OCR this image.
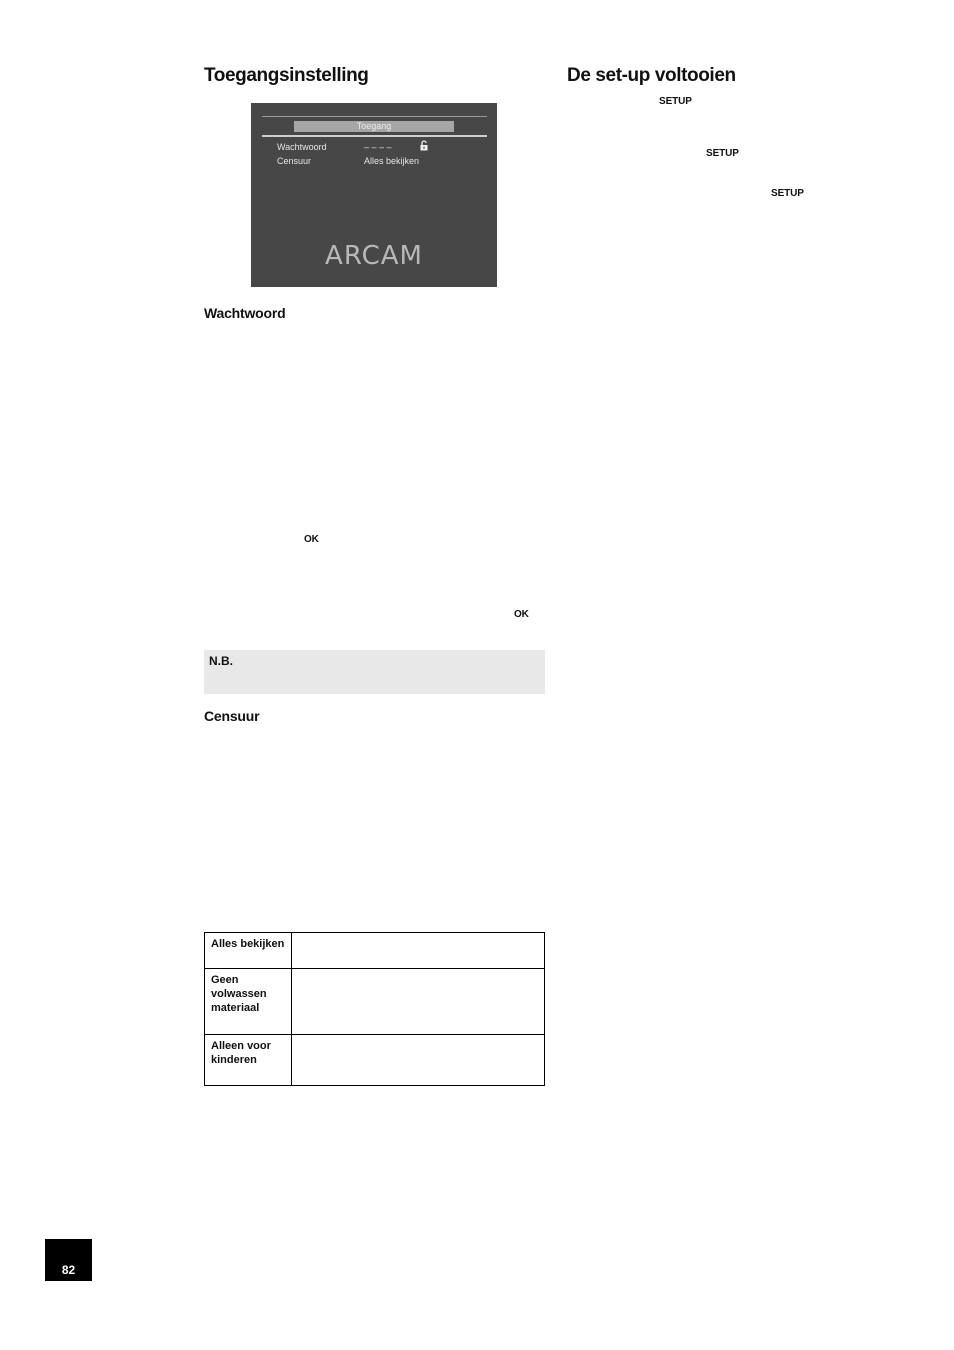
Toegangsinstelling
Toegang
Wachtwoord	– – – –
Censuur	Alles bekijken
ARCAM
Wachtwoord
OK
OK
N.B.
Censuur
Alles bekijken	
Geen volwassen materiaal	
Alleen voor kinderen	
De set-up voltooien
SETUP
SETUP
SETUP
82
